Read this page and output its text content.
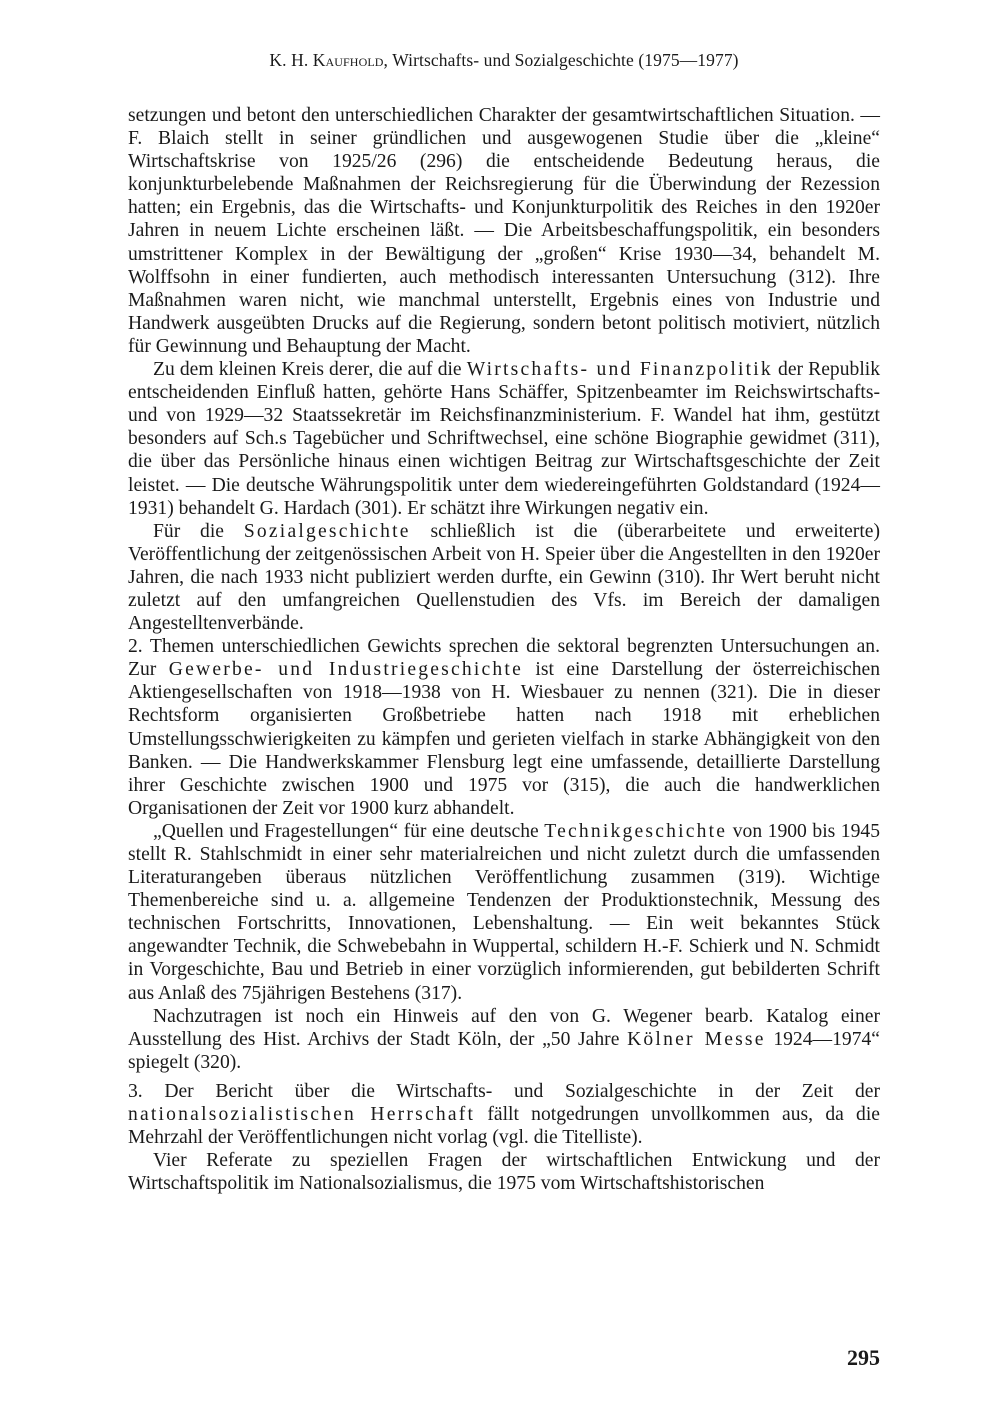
K. H. Kaufhold, Wirtschafts- und Sozialgeschichte (1975—1977)

setzungen und betont den unterschiedlichen Charakter der gesamtwirtschaftlichen Situation. — F. Blaich stellt in seiner gründlichen und ausgewogenen Studie über die „kleine“ Wirtschaftskrise von 1925/26 (296) die entscheidende Bedeutung heraus, die konjunkturbelebende Maßnahmen der Reichsregierung für die Überwindung der Rezession hatten; ein Ergebnis, das die Wirtschafts- und Konjunkturpolitik des Reiches in den 1920er Jahren in neuem Lichte erscheinen läßt. — Die Arbeitsbeschaffungspolitik, ein besonders umstrittener Komplex in der Bewältigung der „großen“ Krise 1930—34, behandelt M. Wolffsohn in einer fundierten, auch methodisch interessanten Untersuchung (312). Ihre Maßnahmen waren nicht, wie manchmal unterstellt, Ergebnis eines von Industrie und Handwerk ausgeübten Drucks auf die Regierung, sondern betont politisch motiviert, nützlich für Gewinnung und Behauptung der Macht.

Zu dem kleinen Kreis derer, die auf die Wirtschafts- und Finanzpolitik der Republik entscheidenden Einfluß hatten, gehörte Hans Schäffer, Spitzenbeamter im Reichswirtschafts- und von 1929—32 Staatssekretär im Reichsfinanzministerium. F. Wandel hat ihm, gestützt besonders auf Sch.s Tagebücher und Schriftwechsel, eine schöne Biographie gewidmet (311), die über das Persönliche hinaus einen wichtigen Beitrag zur Wirtschaftsgeschichte der Zeit leistet. — Die deutsche Währungspolitik unter dem wiedereingeführten Goldstandard (1924—1931) behandelt G. Hardach (301). Er schätzt ihre Wirkungen negativ ein.

Für die Sozialgeschichte schließlich ist die (überarbeitete und erweiterte) Veröffentlichung der zeitgenössischen Arbeit von H. Speier über die Angestellten in den 1920er Jahren, die nach 1933 nicht publiziert werden durfte, ein Gewinn (310). Ihr Wert beruht nicht zuletzt auf den umfangreichen Quellenstudien des Vfs. im Bereich der damaligen Angestelltenverbände.

2. Themen unterschiedlichen Gewichts sprechen die sektoral begrenzten Untersuchungen an. Zur Gewerbe- und Industriegeschichte ist eine Darstellung der österreichischen Aktiengesellschaften von 1918—1938 von H. Wiesbauer zu nennen (321). Die in dieser Rechtsform organisierten Großbetriebe hatten nach 1918 mit erheblichen Umstellungsschwierigkeiten zu kämpfen und gerieten vielfach in starke Abhängigkeit von den Banken. — Die Handwerkskammer Flensburg legt eine umfassende, detaillierte Darstellung ihrer Geschichte zwischen 1900 und 1975 vor (315), die auch die handwerklichen Organisationen der Zeit vor 1900 kurz abhandelt.

„Quellen und Fragestellungen“ für eine deutsche Technikgeschichte von 1900 bis 1945 stellt R. Stahlschmidt in einer sehr materialreichen und nicht zuletzt durch die umfassenden Literaturangeben überaus nützlichen Veröffentlichung zusammen (319). Wichtige Themenbereiche sind u. a. allgemeine Tendenzen der Produktionstechnik, Messung des technischen Fortschritts, Innovationen, Lebenshaltung. — Ein weit bekanntes Stück angewandter Technik, die Schwebebahn in Wuppertal, schildern H.-F. Schierk und N. Schmidt in Vorgeschichte, Bau und Betrieb in einer vorzüglich informierenden, gut bebilderten Schrift aus Anlaß des 75jährigen Bestehens (317).

Nachzutragen ist noch ein Hinweis auf den von G. Wegener bearb. Katalog einer Ausstellung des Hist. Archivs der Stadt Köln, der „50 Jahre Kölner Messe 1924—1974“ spiegelt (320).

3. Der Bericht über die Wirtschafts- und Sozialgeschichte in der Zeit der nationalsozialistischen Herrschaft fällt notgedrungen unvollkommen aus, da die Mehrzahl der Veröffentlichungen nicht vorlag (vgl. die Titelliste).

Vier Referate zu speziellen Fragen der wirtschaftlichen Entwickung und der Wirtschaftspolitik im Nationalsozialismus, die 1975 vom Wirtschaftshistorischen

295
